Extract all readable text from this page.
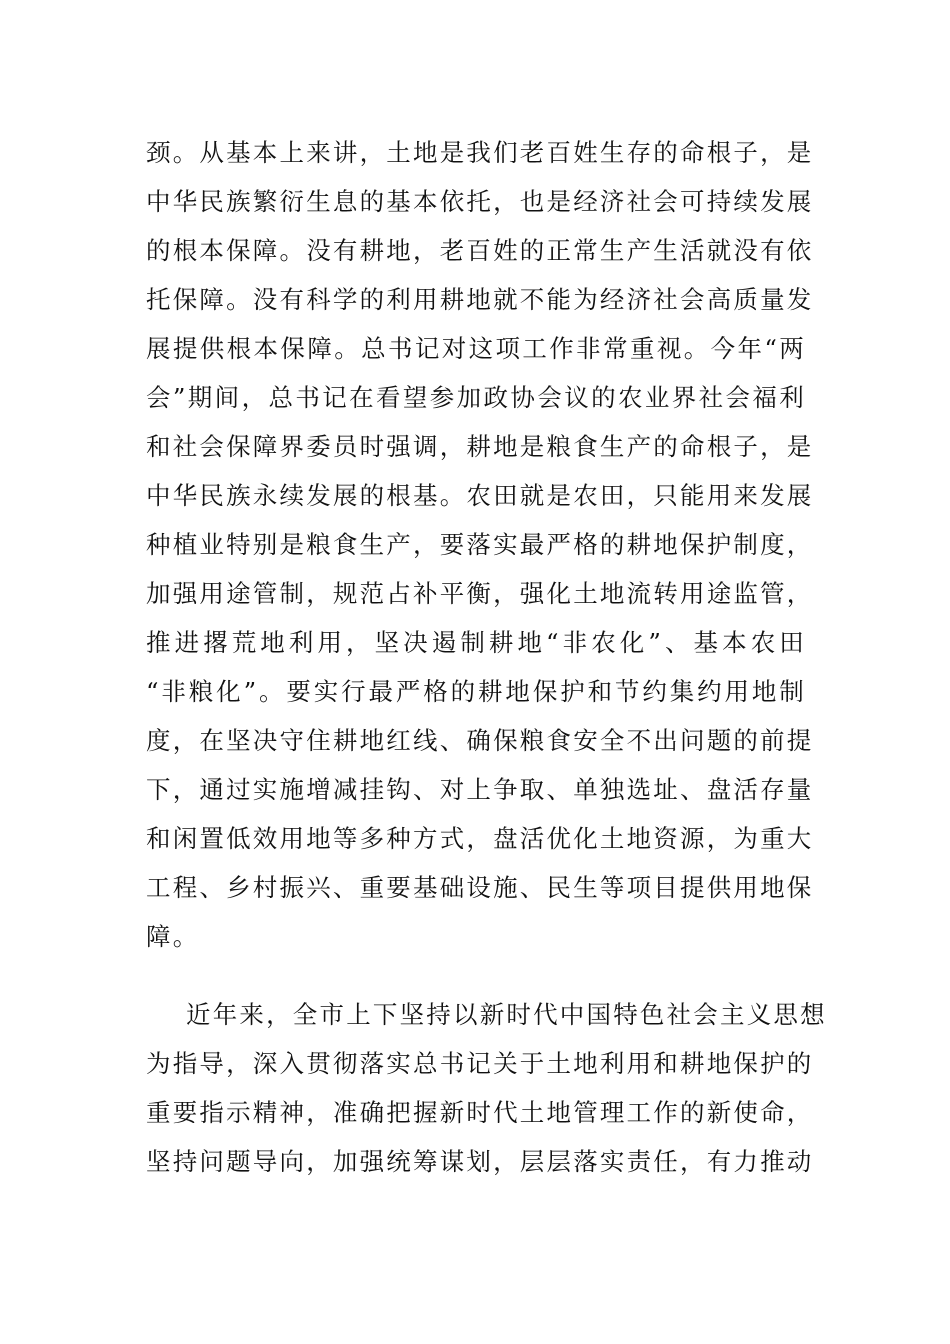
颈。从基本上来讲，土地是我们老百姓生存的命根子，是
中华民族繁衍生息的基本依托，也是经济社会可持续发展
的根本保障。没有耕地，老百姓的正常生产生活就没有依
托保障。没有科学的利用耕地就不能为经济社会高质量发
展提供根本保障。总书记对这项工作非常重视。今年“两
会”期间，总书记在看望参加政协会议的农业界社会福利
和社会保障界委员时强调，耕地是粮食生产的命根子，是
中华民族永续发展的根基。农田就是农田，只能用来发展
种植业特别是粮食生产，要落实最严格的耕地保护制度，
加强用途管制，规范占补平衡，强化土地流转用途监管，
推进撂荒地利用，坚决遏制耕地“非农化”、基本农田
“非粮化”。要实行最严格的耕地保护和节约集约用地制
度，在坚决守住耕地红线、确保粮食安全不出问题的前提
下，通过实施增减挂钩、对上争取、单独选址、盘活存量
和闲置低效用地等多种方式，盘活优化土地资源，为重大
工程、乡村振兴、重要基础设施、民生等项目提供用地保
障。
近年来，全市上下坚持以新时代中国特色社会主义思想
为指导，深入贯彻落实总书记关于土地利用和耕地保护的
重要指示精神，准确把握新时代土地管理工作的新使命，
坚持问题导向，加强统筹谋划，层层落实责任，有力推动
